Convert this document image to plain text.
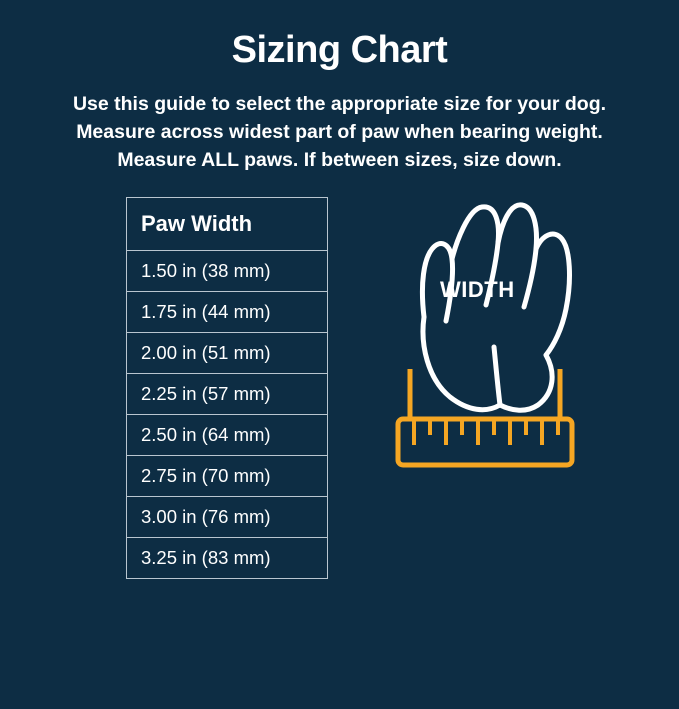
Sizing Chart

Use this guide to select the appropriate size for your dog. Measure across widest part of paw when bearing weight. Measure ALL paws. If between sizes, size down.

Paw Width
1.50 in (38 mm)
1.75 in (44 mm)
2.00 in (51 mm)
2.25 in (57 mm)
2.50 in (64 mm)
2.75 in (70 mm)
3.00 in (76 mm)
3.25 in (83 mm)
WIDTH
